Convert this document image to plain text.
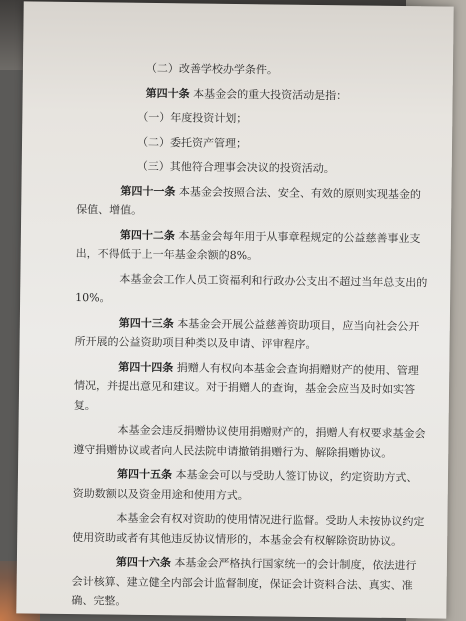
（二）改善学校办学条件。

第四十条 本基金会的重大投资活动是指：

（一）年度投资计划；

（二）委托资产管理；

（三）其他符合理事会决议的投资活动。

第四十一条 本基金会按照合法、安全、有效的原则实现基金的保值、增值。

第四十二条 本基金会每年用于从事章程规定的公益慈善事业支出，不得低于上一年基金余额的8%。

本基金会工作人员工资福利和行政办公支出不超过当年总支出的10%。

第四十三条 本基金会开展公益慈善资助项目，应当向社会公开所开展的公益资助项目种类以及申请、评审程序。

第四十四条 捐赠人有权向本基金会查询捐赠财产的使用、管理情况，并提出意见和建议。对于捐赠人的查询，基金会应当及时如实答复。

本基金会违反捐赠协议使用捐赠财产的，捐赠人有权要求基金会遵守捐赠协议或者向人民法院申请撤销捐赠行为、解除捐赠协议。

第四十五条 本基金会可以与受助人签订协议，约定资助方式、资助数额以及资金用途和使用方式。

本基金会有权对资助的使用情况进行监督。受助人未按协议约定使用资助或者有其他违反协议情形的，本基金会有权解除资助协议。

第四十六条 本基金会严格执行国家统一的会计制度，依法进行会计核算、建立健全内部会计监督制度，保证会计资料合法、真实、准确、完整。
